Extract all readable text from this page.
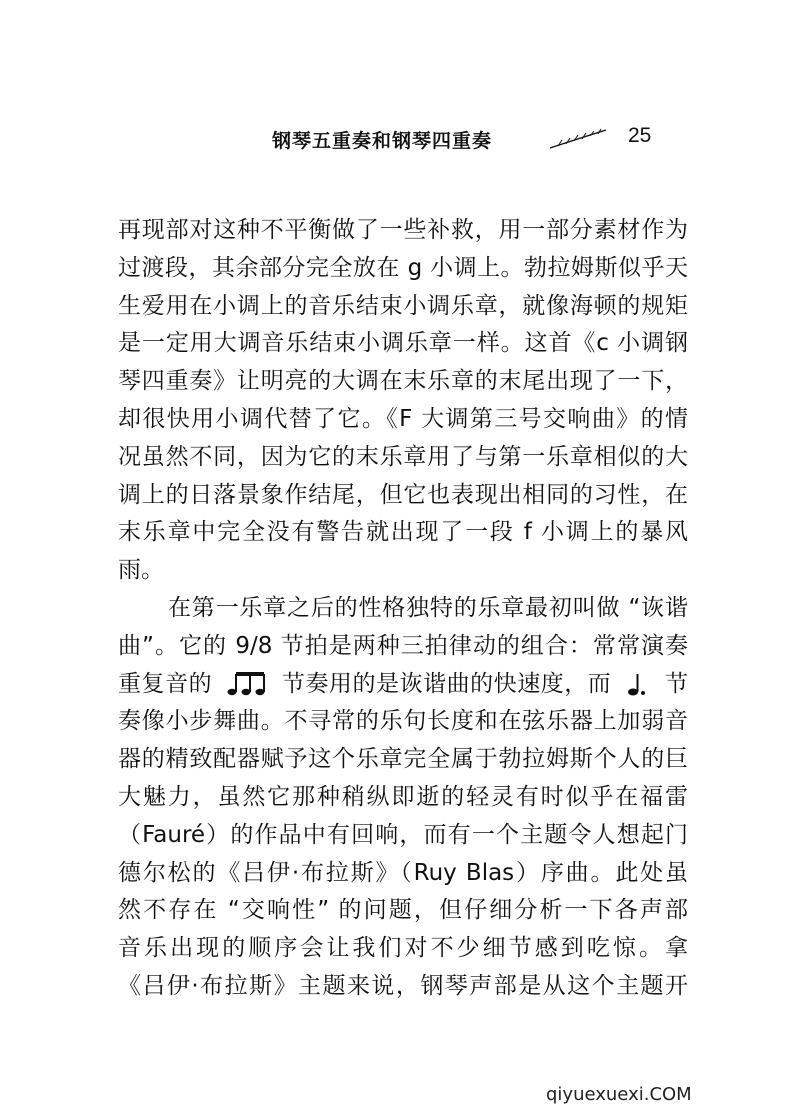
钢琴五重奏和钢琴四重奏	25
再现部对这种不平衡做了一些补救，用一部分素材作为
过渡段，其余部分完全放在 g 小调上。勃拉姆斯似乎天
生爱用在小调上的音乐结束小调乐章，就像海顿的规矩
是一定用大调音乐结束小调乐章一样。这首《c 小调钢
琴四重奏》让明亮的大调在末乐章的末尾出现了一下，
却很快用小调代替了它。《F 大调第三号交响曲》的情
况虽然不同，因为它的末乐章用了与第一乐章相似的大
调上的日落景象作结尾，但它也表现出相同的习性，在
末乐章中完全没有警告就出现了一段 f 小调上的暴风
雨。
在第一乐章之后的性格独特的乐章最初叫做 “诙谐
曲”。它的 9/8 节拍是两种三拍律动的组合：常常演奏
重复音的	节奏用的是诙谐曲的快速度，而 节
奏像小步舞曲。不寻常的乐句长度和在弦乐器上加弱音
器的精致配器赋予这个乐章完全属于勃拉姆斯个人的巨
大魅力，虽然它那种稍纵即逝的轻灵有时似乎在福雷
（Fauré）的作品中有回响，而有一个主题令人想起门
德尔松的《吕伊·布拉斯》（Ruy Blas）序曲。此处虽
然不存在 “交响性” 的问题，但仔细分析一下各声部
音乐出现的顺序会让我们对不少细节感到吃惊。拿
《吕伊·布拉斯》主题来说，钢琴声部是从这个主题开
qiyuexuexi.COM
